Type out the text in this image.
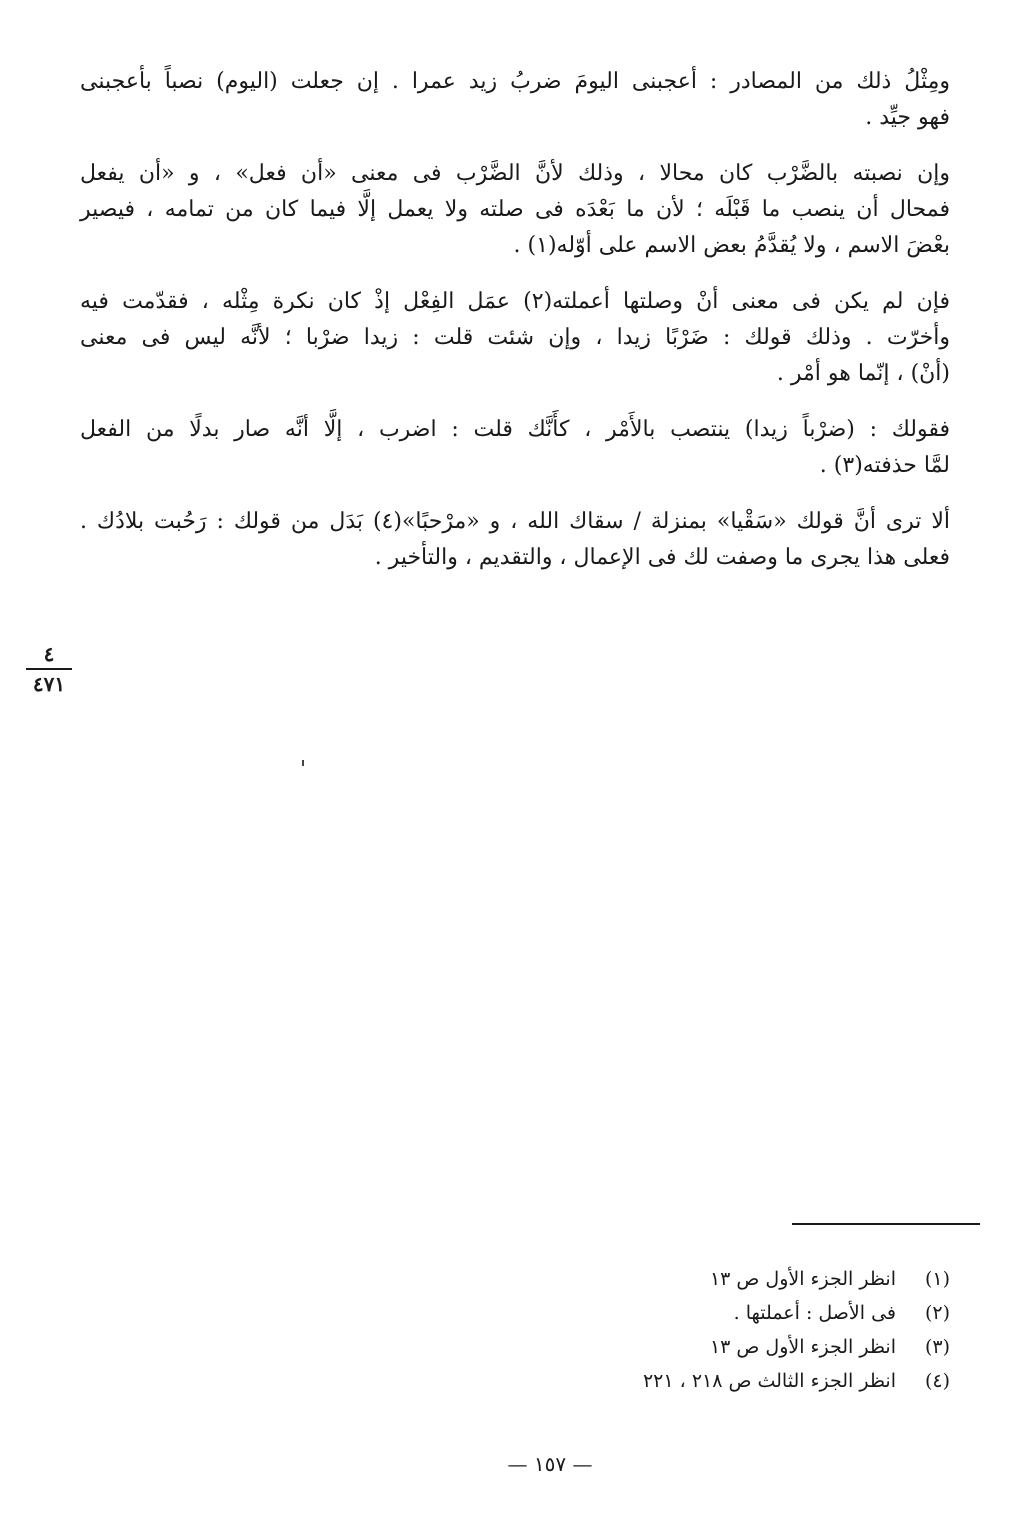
ومِثْلُ ذلك من المصادر : أعجبنى اليومَ ضربُ زيد عمرا . إن جعلت (اليوم) نصباً بأعجبنى
فهو جيِّد .

وإن نصبته بالضَّرْب كان محالا ، وذلك لأنَّ الضَّرْب فى معنى «أن فعل» ، و «أن يفعل
فمحال أن ينصب ما قَبْلَه ؛ لأن ما بَعْدَه فى صلته ولا يعمل إلَّا فيما كان من تمامه ، فيصير
بعْضَ الاسم ، ولا يُقدَّمُ بعض الاسم على أوّله(١) .

فإن لم يكن فى معنى أنْ وصلتها أعملته(٢) عمَل الفِعْل إذْ كان نكرة مِثْله ، فقدّمت فيه
وأخرّت . وذلك قولك : ضَرْبًا زيدا ، وإن شئت قلت : زيدا ضرْبا ؛ لأنَّه ليس فى معنى
(أنْ) ، إنّما هو أمْر .

فقولك : (ضرْباً زيدا) ينتصب بالأَمْر ، كأَنَّك قلت : اضرب ، إلَّا أنَّه صار بدلًا من الفعل
لمَّا حذفته(٣) .

ألا ترى أنَّ قولك «سَقْيا» بمنزلة / سقاك الله ، و «مرْحبًا»(٤) بَدَل من قولك : رَحُبت بلادُك .
فعلى هذا يجرى ما وصفت لك فى الإعمال ، والتقديم ، والتأخير .

٤
٤٧١
(١)
انظر الجزء الأول ص ١٣
(٢)
فى الأصل : أعملتها .
(٣)
انظر الجزء الأول ص ١٣
(٤)
انظر الجزء الثالث ص ٢١٨ ، ٢٢١
— ١٥٧ —
